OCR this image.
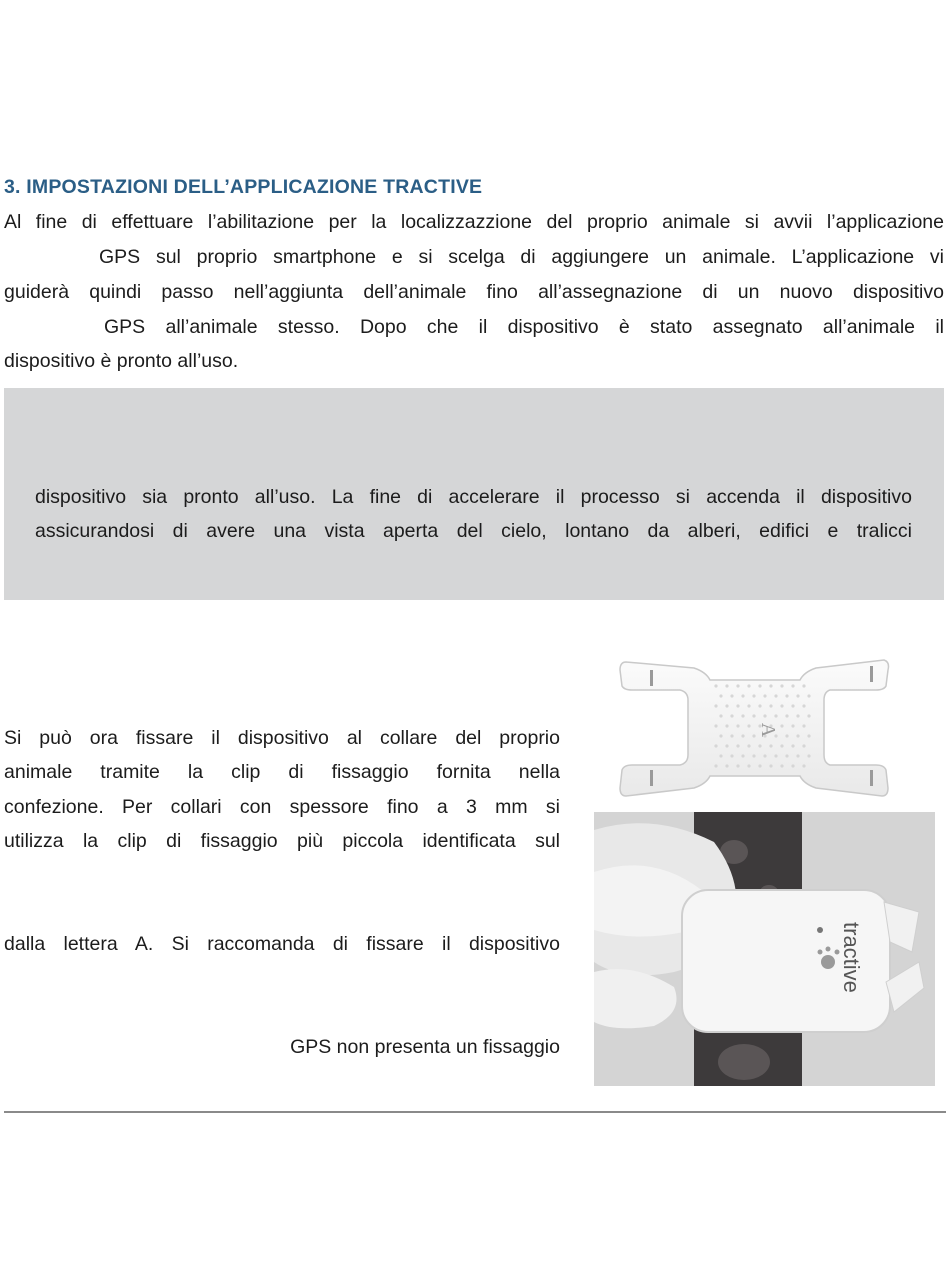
3. IMPOSTAZIONI DELL’APPLICAZIONE TRACTIVE
Al fine di effettuare l’abilitazione per la localizzazzione del proprio animale si avvii l’applicazione
GPS sul proprio smartphone e si scelga di aggiungere un animale. L’applicazione vi
guiderà quindi passo nell’aggiunta dell’animale fino all’assegnazione di un nuovo dispositivo
GPS all’animale stesso. Dopo che il dispositivo è stato assegnato all’animale il
dispositivo è pronto all’uso.
dispositivo sia pronto all’uso. La fine di accelerare il processo si accenda il dispositivo
assicurandosi di avere una vista aperta del cielo, lontano da alberi, edifici e tralicci
Si può ora fissare il dispositivo al collare del proprio
animale tramite la clip di fissaggio fornita nella
confezione. Per collari con spessore fino a 3 mm si
utilizza la clip di fissaggio più piccola identificata sul
dalla lettera A. Si raccomanda di fissare il dispositivo
GPS non presenta un fissaggio
A
tractive
